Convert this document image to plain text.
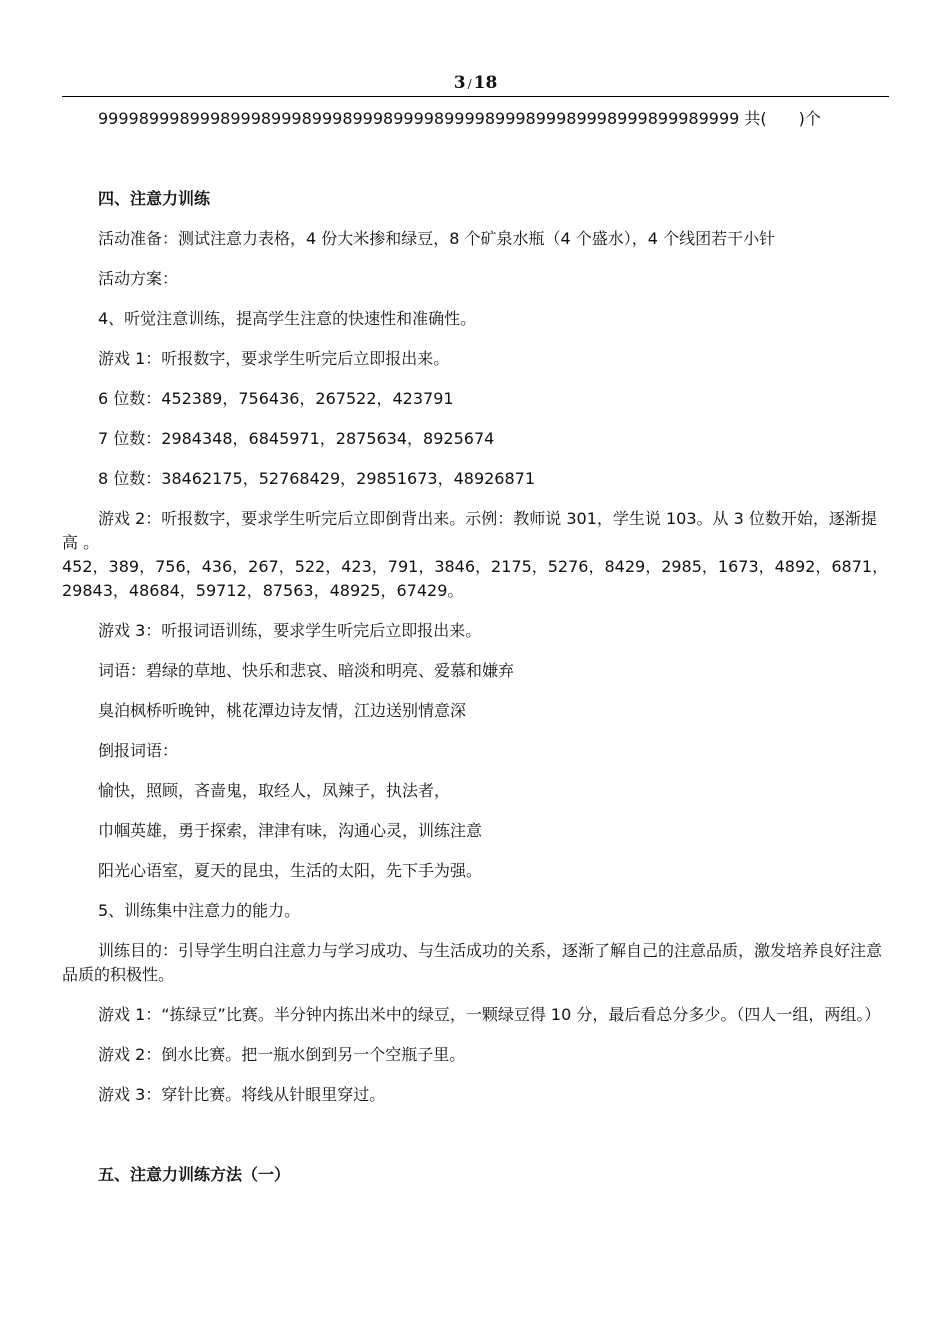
3 / 18

999989998999899989998999899989999899998999899989998999899989999 共( )个

四、注意力训练

活动准备：测试注意力表格，4 份大米掺和绿豆，8 个矿泉水瓶（4 个盛水），4 个线团若干小针

活动方案：

4、听觉注意训练，提高学生注意的快速性和准确性。

游戏 1：听报数字，要求学生听完后立即报出来。

6 位数：452389，756436，267522，423791

7 位数：2984348，6845971，2875634，8925674

8 位数：38462175，52768429，29851673，48926871

游戏 2：听报数字，要求学生听完后立即倒背出来。示例：教师说 301，学生说 103。从 3 位数开始，逐渐提高 。

452，389，756，436，267，522，423，791，3846，2175，5276，8429，2985，1673，4892，6871，29843，48684，59712，87563，48925，67429。

游戏 3：听报词语训练，要求学生听完后立即报出来。

词语：碧绿的草地、快乐和悲哀、暗淡和明亮、爱慕和嫌弃

臭泊枫桥听晚钟，桃花潭边诗友情，江边送别情意深

倒报词语：

愉快，照顾，吝啬鬼，取经人，凤辣子，执法者，

巾帼英雄，勇于探索，津津有味，沟通心灵，训练注意

阳光心语室，夏天的昆虫，生活的太阳，先下手为强。

5、训练集中注意力的能力。

训练目的：引导学生明白注意力与学习成功、与生活成功的关系，逐渐了解自己的注意品质，激发培养良好注意品质的积极性。

游戏 1：“拣绿豆”比赛。半分钟内拣出米中的绿豆，一颗绿豆得 10 分，最后看总分多少。（四人一组，两组。）

游戏 2：倒水比赛。把一瓶水倒到另一个空瓶子里。

游戏 3：穿针比赛。将线从针眼里穿过。

五、注意力训练方法（一）
